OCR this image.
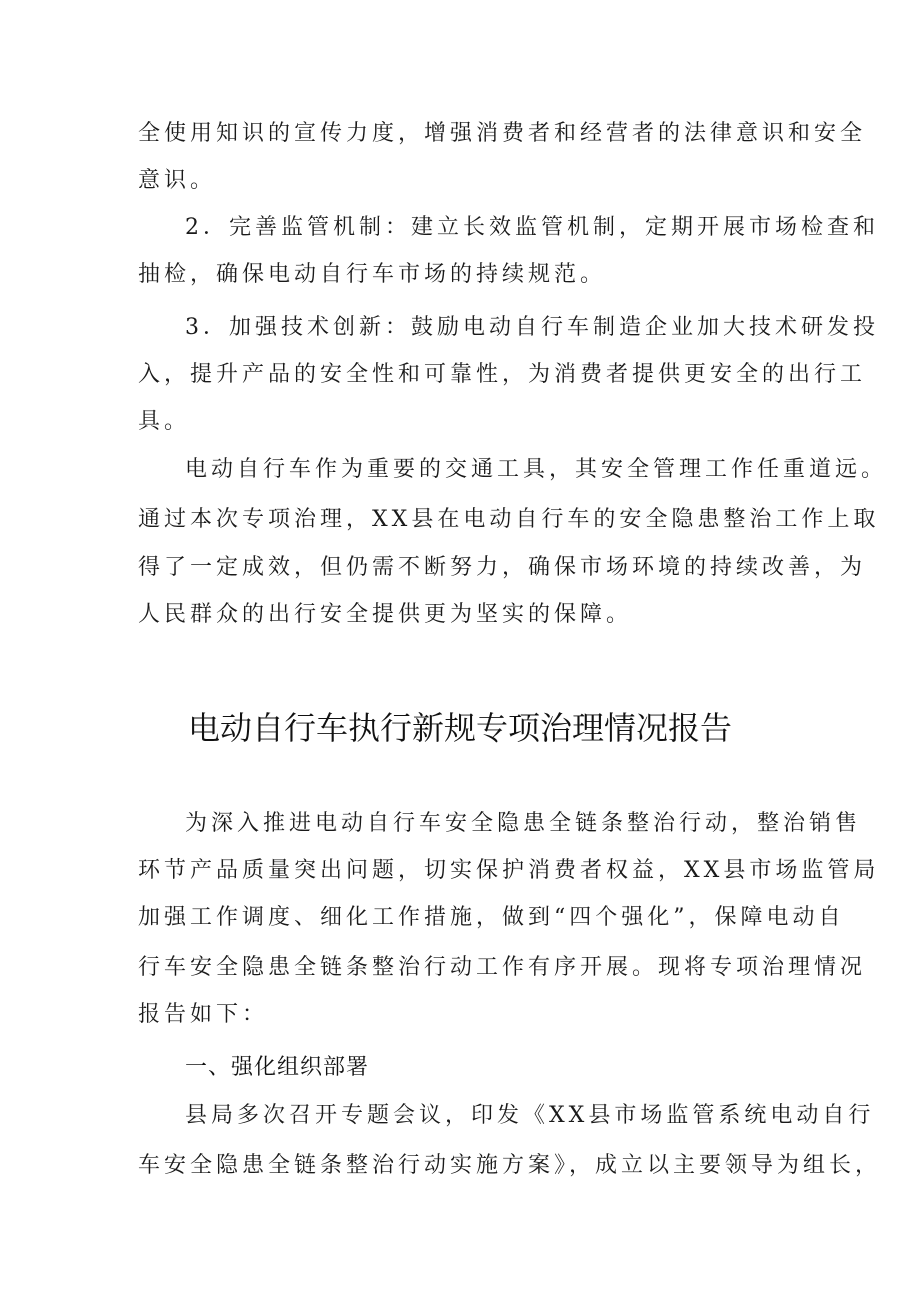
全使用知识的宣传力度，增强消费者和经营者的法律意识和安全
意识。
2．完善监管机制：建立长效监管机制，定期开展市场检查和
抽检，确保电动自行车市场的持续规范。
3．加强技术创新：鼓励电动自行车制造企业加大技术研发投
入，提升产品的安全性和可靠性，为消费者提供更安全的出行工
具。
电动自行车作为重要的交通工具，其安全管理工作任重道远。
通过本次专项治理，XX县在电动自行车的安全隐患整治工作上取
得了一定成效，但仍需不断努力，确保市场环境的持续改善，为
人民群众的出行安全提供更为坚实的保障。
电动自行车执行新规专项治理情况报告
为深入推进电动自行车安全隐患全链条整治行动，整治销售
环节产品质量突出问题，切实保护消费者权益，XX县市场监管局
加强工作调度、细化工作措施，做到“四个强化”，保障电动自
行车安全隐患全链条整治行动工作有序开展。现将专项治理情况
报告如下：
一、强化组织部署
县局多次召开专题会议，印发《XX县市场监管系统电动自行
车安全隐患全链条整治行动实施方案》，成立以主要领导为组长，
